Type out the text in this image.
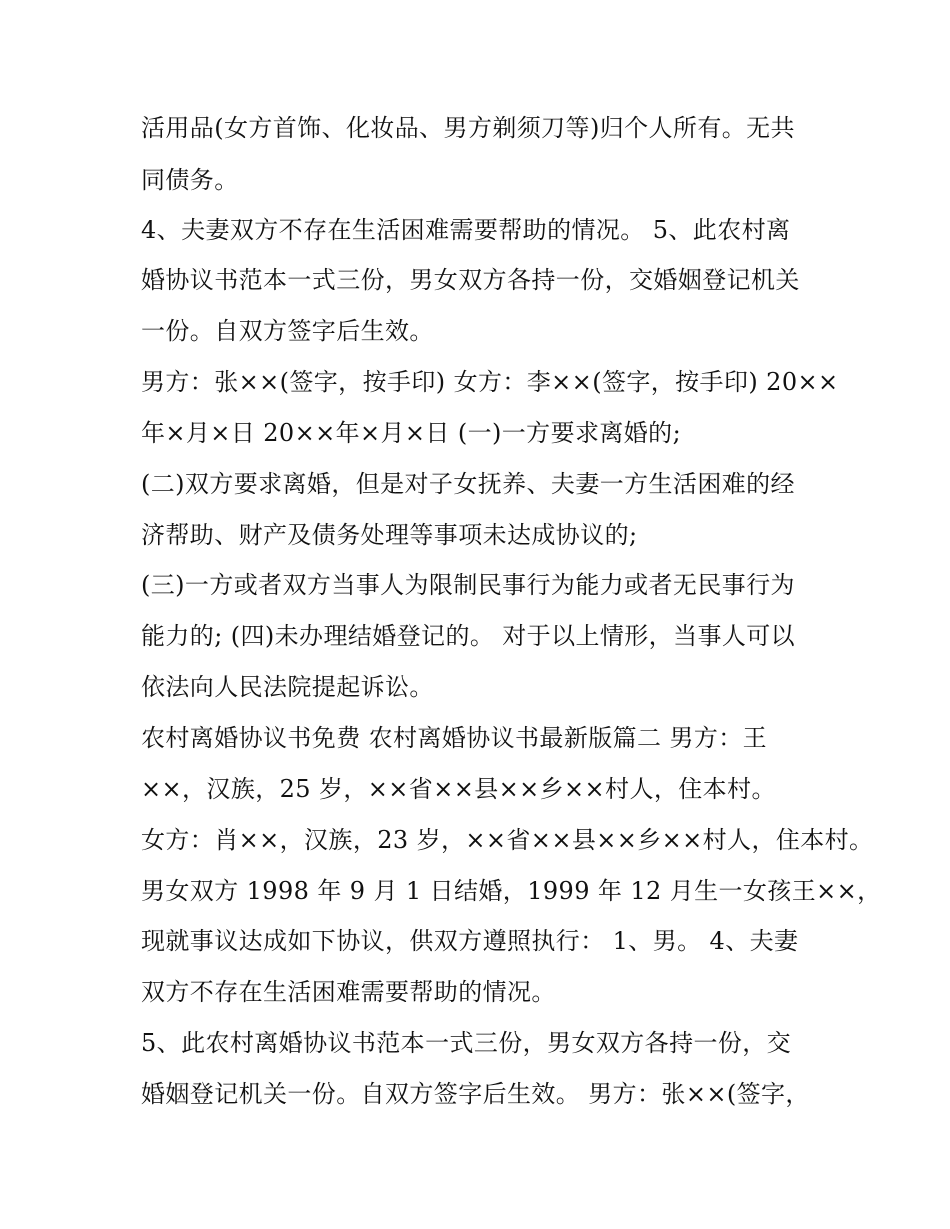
活用品(女方首饰、化妆品、男方剃须刀等)归个人所有。无共
同债务。
4、夫妻双方不存在生活困难需要帮助的情况。 5、此农村离
婚协议书范本一式三份，男女双方各持一份，交婚姻登记机关
一份。自双方签字后生效。
男方：张××(签字，按手印) 女方：李××(签字，按手印) 20××
年×月×日 20××年×月×日 (一)一方要求离婚的;
(二)双方要求离婚，但是对子女抚养、夫妻一方生活困难的经
济帮助、财产及债务处理等事项未达成协议的;
(三)一方或者双方当事人为限制民事行为能力或者无民事行为
能力的; (四)未办理结婚登记的。 对于以上情形，当事人可以
依法向人民法院提起诉讼。
农村离婚协议书免费 农村离婚协议书最新版篇二 男方：王
××，汉族，25 岁，××省××县××乡××村人，住本村。
女方：肖××，汉族，23 岁，××省××县××乡××村人，住本村。
男女双方 1998 年 9 月 1 日结婚，1999 年 12 月生一女孩王××，
现就事议达成如下协议，供双方遵照执行： 1、男。 4、夫妻
双方不存在生活困难需要帮助的情况。
5、此农村离婚协议书范本一式三份，男女双方各持一份，交
婚姻登记机关一份。自双方签字后生效。 男方：张××(签字，
